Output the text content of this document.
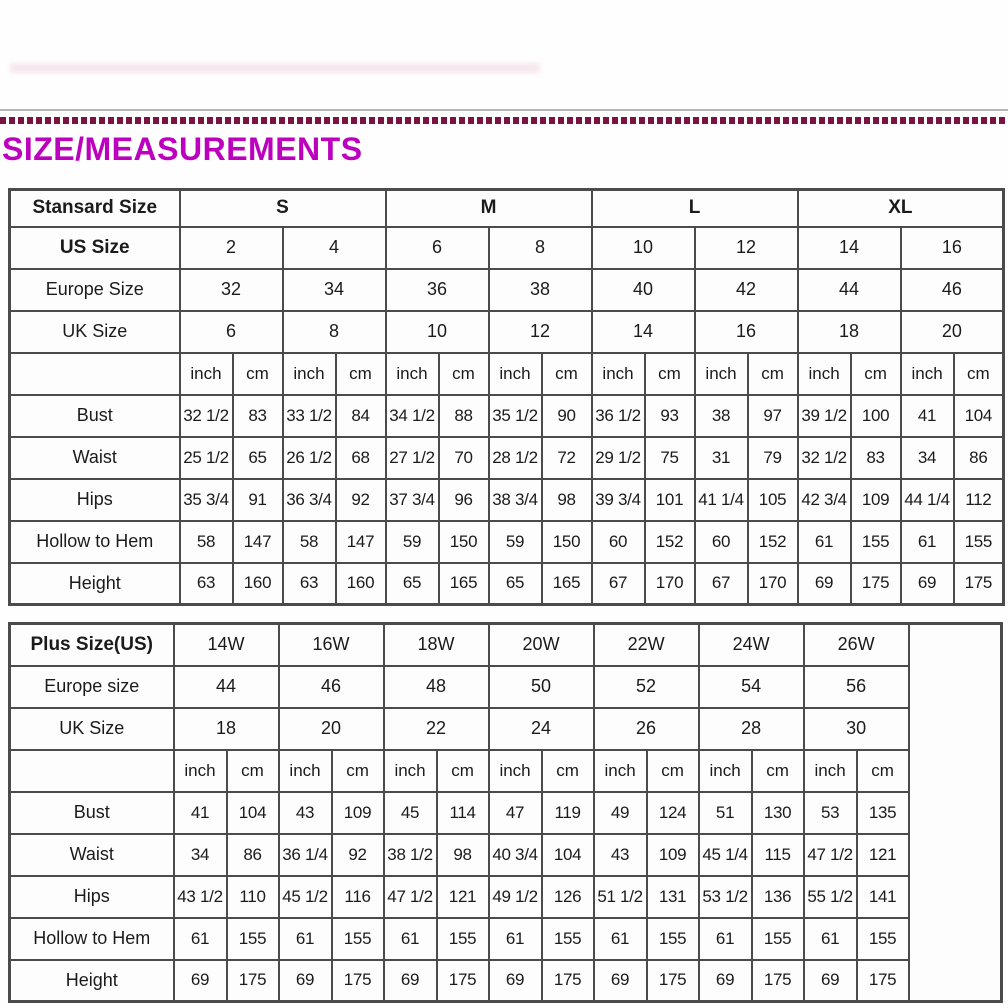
SIZE/MEASUREMENTS
Stansard Size	S				M				L				XL			
US Size	2		4		6		8		10		12		14		16	
Europe Size	32		34		36		38		40		42		44		46	
UK Size	6		8		10		12		14		16		18		20	
	inch	cm	inch	cm	inch	cm	inch	cm	inch	cm	inch	cm	inch	cm	inch	cm
Bust	32 1/2	83	33 1/2	84	34 1/2	88	35 1/2	90	36 1/2	93	38	97	39 1/2	100	41	104
Waist	25 1/2	65	26 1/2	68	27 1/2	70	28 1/2	72	29 1/2	75	31	79	32 1/2	83	34	86
Hips	35 3/4	91	36 3/4	92	37 3/4	96	38 3/4	98	39 3/4	101	41 1/4	105	42 3/4	109	44 1/4	112
Hollow to Hem	58	147	58	147	59	150	59	150	60	152	60	152	61	155	61	155
Height	63	160	63	160	65	165	65	165	67	170	67	170	69	175	69	175
Plus Size(US)	14W		16W		18W		20W		22W		24W		26W		
Europe size	44		46		48		50		52		54		56		
UK Size	18		20		22		24		26		28		30		
	inch	cm	inch	cm	inch	cm	inch	cm	inch	cm	inch	cm	inch	cm	
Bust	41	104	43	109	45	114	47	119	49	124	51	130	53	135	
Waist	34	86	36 1/4	92	38 1/2	98	40 3/4	104	43	109	45 1/4	115	47 1/2	121	
Hips	43 1/2	110	45 1/2	116	47 1/2	121	49 1/2	126	51 1/2	131	53 1/2	136	55 1/2	141	
Hollow to Hem	61	155	61	155	61	155	61	155	61	155	61	155	61	155	
Height	69	175	69	175	69	175	69	175	69	175	69	175	69	175	
